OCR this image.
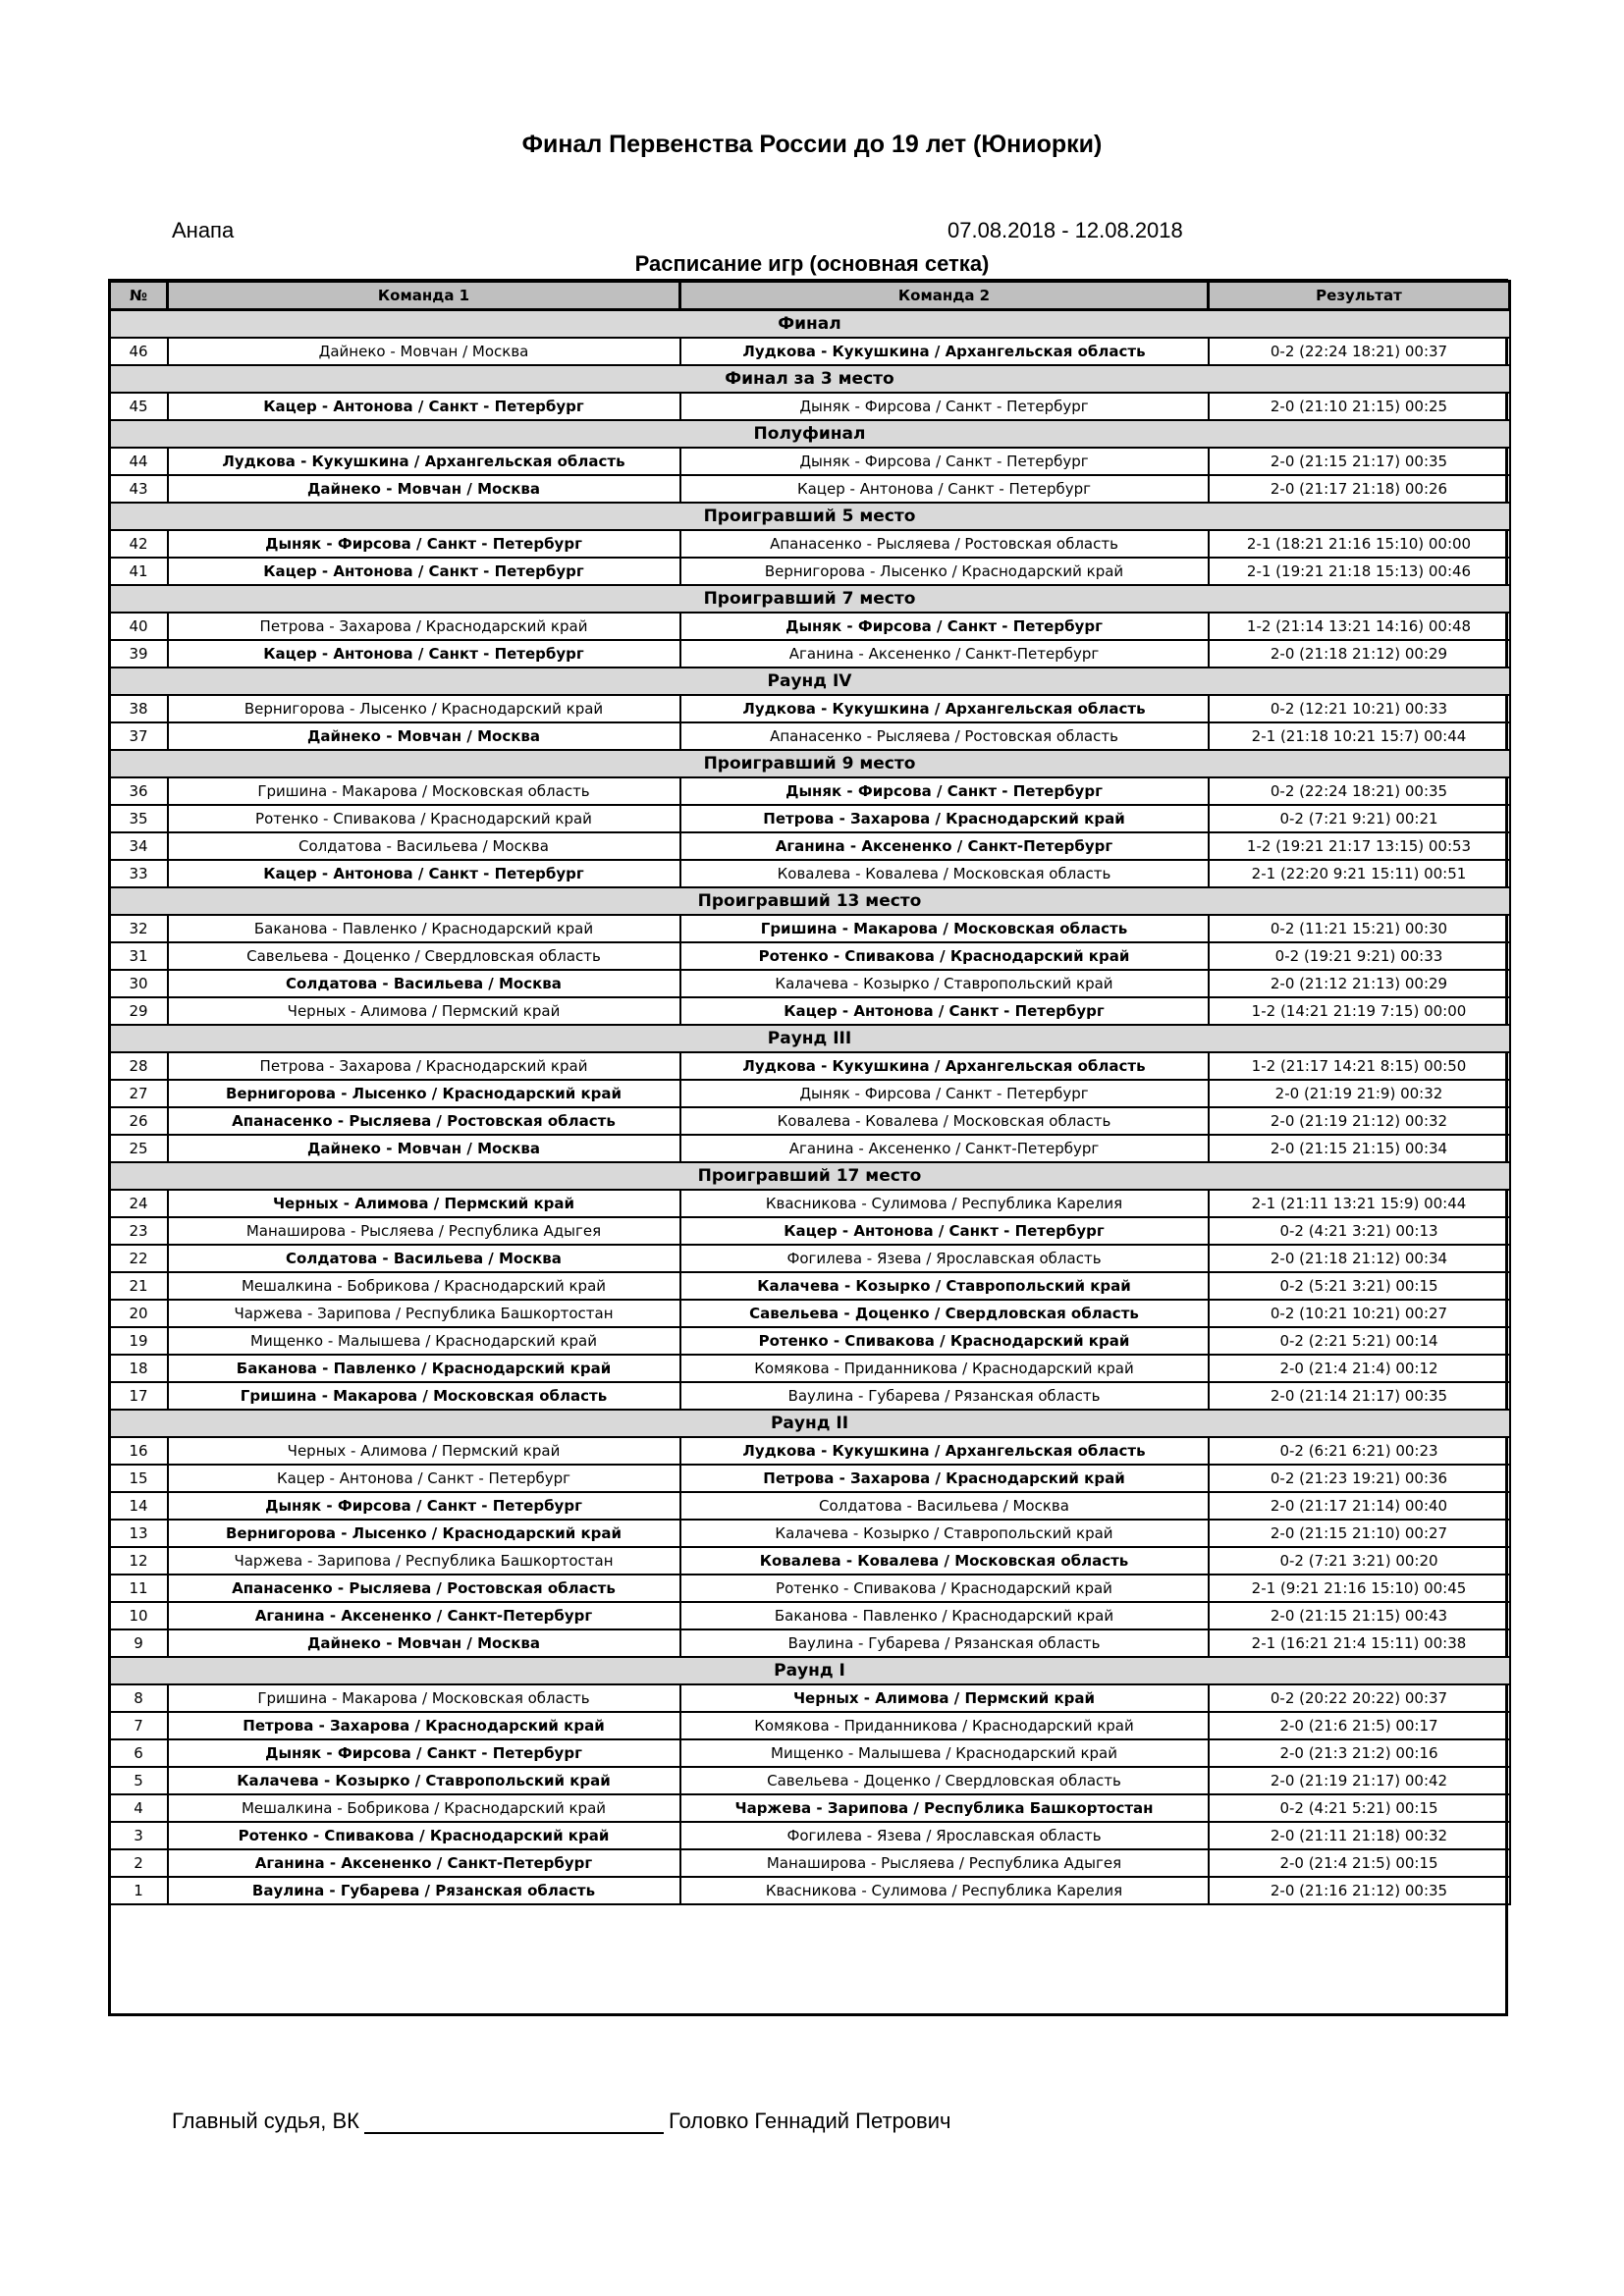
Финал Первенства России до 19 лет (Юниорки)
Анапа	07.08.2018 - 12.08.2018
Расписание игр (основная сетка)
№	Команда 1	Команда 2	Результат
Финал			
46	Дайнеко - Мовчан / Москва	Лудкова - Кукушкина / Архангельская область	0-2 (22:24 18:21) 00:37
Финал за 3 место			
45	Кацер - Антонова / Санкт - Петербург	Дыняк - Фирсова / Санкт - Петербург	2-0 (21:10 21:15) 00:25
Полуфинал			
44	Лудкова - Кукушкина / Архангельская область	Дыняк - Фирсова / Санкт - Петербург	2-0 (21:15 21:17) 00:35
43	Дайнеко - Мовчан / Москва	Кацер - Антонова / Санкт - Петербург	2-0 (21:17 21:18) 00:26
Проигравший 5 место			
42	Дыняк - Фирсова / Санкт - Петербург	Апанасенко - Рысляева / Ростовская область	2-1 (18:21 21:16 15:10) 00:00
41	Кацер - Антонова / Санкт - Петербург	Вернигорова - Лысенко / Краснодарский край	2-1 (19:21 21:18 15:13) 00:46
Проигравший 7 место			
40	Петрова - Захарова / Краснодарский край	Дыняк - Фирсова / Санкт - Петербург	1-2 (21:14 13:21 14:16) 00:48
39	Кацер - Антонова / Санкт - Петербург	Аганина - Аксененко / Санкт-Петербург	2-0 (21:18 21:12) 00:29
Раунд IV			
38	Вернигорова - Лысенко / Краснодарский край	Лудкова - Кукушкина / Архангельская область	0-2 (12:21 10:21) 00:33
37	Дайнеко - Мовчан / Москва	Апанасенко - Рысляева / Ростовская область	2-1 (21:18 10:21 15:7) 00:44
Проигравший 9 место			
36	Гришина - Макарова / Московская область	Дыняк - Фирсова / Санкт - Петербург	0-2 (22:24 18:21) 00:35
35	Ротенко - Спивакова / Краснодарский край	Петрова - Захарова / Краснодарский край	0-2 (7:21 9:21) 00:21
34	Солдатова - Васильева / Москва	Аганина - Аксененко / Санкт-Петербург	1-2 (19:21 21:17 13:15) 00:53
33	Кацер - Антонова / Санкт - Петербург	Ковалева - Ковалева / Московская область	2-1 (22:20 9:21 15:11) 00:51
Проигравший 13 место			
32	Баканова - Павленко / Краснодарский край	Гришина - Макарова / Московская область	0-2 (11:21 15:21) 00:30
31	Савельева - Доценко / Свердловская область	Ротенко - Спивакова / Краснодарский край	0-2 (19:21 9:21) 00:33
30	Солдатова - Васильева / Москва	Калачева - Козырко / Ставропольский край	2-0 (21:12 21:13) 00:29
29	Черных - Алимова / Пермский край	Кацер - Антонова / Санкт - Петербург	1-2 (14:21 21:19 7:15) 00:00
Раунд III			
28	Петрова - Захарова / Краснодарский край	Лудкова - Кукушкина / Архангельская область	1-2 (21:17 14:21 8:15) 00:50
27	Вернигорова - Лысенко / Краснодарский край	Дыняк - Фирсова / Санкт - Петербург	2-0 (21:19 21:9) 00:32
26	Апанасенко - Рысляева / Ростовская область	Ковалева - Ковалева / Московская область	2-0 (21:19 21:12) 00:32
25	Дайнеко - Мовчан / Москва	Аганина - Аксененко / Санкт-Петербург	2-0 (21:15 21:15) 00:34
Проигравший 17 место			
24	Черных - Алимова / Пермский край	Квасникова - Сулимова / Республика Карелия	2-1 (21:11 13:21 15:9) 00:44
23	Манаширова - Рысляева / Республика Адыгея	Кацер - Антонова / Санкт - Петербург	0-2 (4:21 3:21) 00:13
22	Солдатова - Васильева / Москва	Фогилева - Язева / Ярославская область	2-0 (21:18 21:12) 00:34
21	Мешалкина - Бобрикова / Краснодарский край	Калачева - Козырко / Ставропольский край	0-2 (5:21 3:21) 00:15
20	Чаржева - Зарипова / Республика Башкортостан	Савельева - Доценко / Свердловская область	0-2 (10:21 10:21) 00:27
19	Мищенко - Малышева / Краснодарский край	Ротенко - Спивакова / Краснодарский край	0-2 (2:21 5:21) 00:14
18	Баканова - Павленко / Краснодарский край	Комякова - Приданникова / Краснодарский край	2-0 (21:4 21:4) 00:12
17	Гришина - Макарова / Московская область	Ваулина - Губарева / Рязанская область	2-0 (21:14 21:17) 00:35
Раунд II			
16	Черных - Алимова / Пермский край	Лудкова - Кукушкина / Архангельская область	0-2 (6:21 6:21) 00:23
15	Кацер - Антонова / Санкт - Петербург	Петрова - Захарова / Краснодарский край	0-2 (21:23 19:21) 00:36
14	Дыняк - Фирсова / Санкт - Петербург	Солдатова - Васильева / Москва	2-0 (21:17 21:14) 00:40
13	Вернигорова - Лысенко / Краснодарский край	Калачева - Козырко / Ставропольский край	2-0 (21:15 21:10) 00:27
12	Чаржева - Зарипова / Республика Башкортостан	Ковалева - Ковалева / Московская область	0-2 (7:21 3:21) 00:20
11	Апанасенко - Рысляева / Ростовская область	Ротенко - Спивакова / Краснодарский край	2-1 (9:21 21:16 15:10) 00:45
10	Аганина - Аксененко / Санкт-Петербург	Баканова - Павленко / Краснодарский край	2-0 (21:15 21:15) 00:43
9	Дайнеко - Мовчан / Москва	Ваулина - Губарева / Рязанская область	2-1 (16:21 21:4 15:11) 00:38
Раунд I			
8	Гришина - Макарова / Московская область	Черных - Алимова / Пермский край	0-2 (20:22 20:22) 00:37
7	Петрова - Захарова / Краснодарский край	Комякова - Приданникова / Краснодарский край	2-0 (21:6 21:5) 00:17
6	Дыняк - Фирсова / Санкт - Петербург	Мищенко - Малышева / Краснодарский край	2-0 (21:3 21:2) 00:16
5	Калачева - Козырко / Ставропольский край	Савельева - Доценко / Свердловская область	2-0 (21:19 21:17) 00:42
4	Мешалкина - Бобрикова / Краснодарский край	Чаржева - Зарипова / Республика Башкортостан	0-2 (4:21 5:21) 00:15
3	Ротенко - Спивакова / Краснодарский край	Фогилева - Язева / Ярославская область	2-0 (21:11 21:18) 00:32
2	Аганина - Аксененко / Санкт-Петербург	Манаширова - Рысляева / Республика Адыгея	2-0 (21:4 21:5) 00:15
1	Ваулина - Губарева / Рязанская область	Квасникова - Сулимова / Республика Карелия	2-0 (21:16 21:12) 00:35
Главный судья, ВК	Головко Геннадий Петрович
